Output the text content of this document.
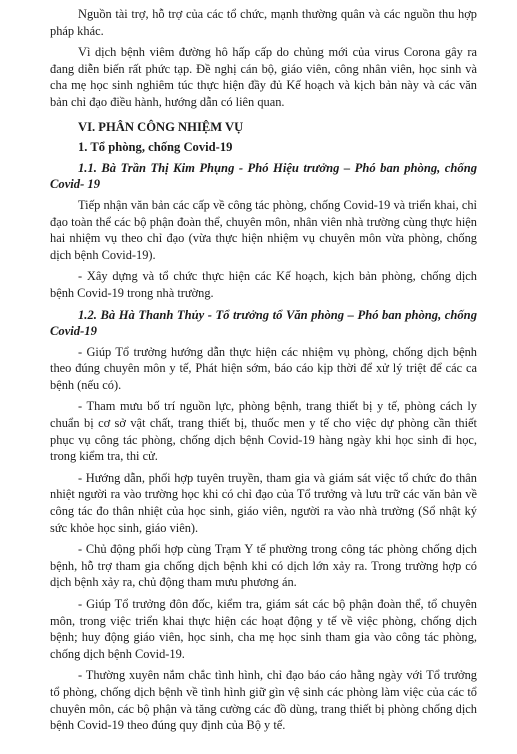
Nguồn tài trợ, hỗ trợ của các tổ chức, mạnh thường quân và các nguồn thu hợp pháp khác.

Vì dịch bệnh viêm đường hô hấp cấp do chủng mới của virus Corona gây ra đang diễn biến rất phức tạp. Đề nghị cán bộ, giáo viên, công nhân viên, học sinh và cha mẹ học sinh nghiêm túc thực hiện đầy đủ Kế hoạch và kịch bản này và các văn bản chỉ đạo điều hành, hướng dẫn có liên quan.

VI. PHÂN CÔNG NHIỆM VỤ
1. Tổ phòng, chống Covid-19
1.1. Bà Trần Thị Kim Phụng - Phó Hiệu trưởng – Phó ban phòng, chống Covid- 19

Tiếp nhận văn bản các cấp về công tác phòng, chống Covid-19 và triển khai, chỉ đạo toàn thể các bộ phận đoàn thể, chuyên môn, nhân viên nhà trường cùng thực hiện hai nhiệm vụ theo chỉ đạo (vừa thực hiện nhiệm vụ chuyên môn vừa phòng, chống dịch bệnh Covid-19).

- Xây dựng và tổ chức thực hiện các Kế hoạch, kịch bản phòng, chống dịch bệnh Covid-19 trong nhà trường.

1.2. Bà Hà Thanh Thủy - Tổ trưởng tổ Văn phòng – Phó ban phòng, chống Covid-19

- Giúp Tổ trưởng hướng dẫn thực hiện các nhiệm vụ phòng, chống dịch bệnh theo đúng chuyên môn y tế, Phát hiện sớm, báo cáo kịp thời để xử lý triệt để các ca bệnh (nếu có).

- Tham mưu bố trí nguồn lực, phòng bệnh, trang thiết bị y tế, phòng cách ly chuẩn bị cơ sở vật chất, trang thiết bị, thuốc men y tế cho việc dự phòng cần thiết phục vụ công tác phòng, chống dịch bệnh Covid-19 hàng ngày khi học sinh đi học, trong kiểm tra, thi cử.

- Hướng dẫn, phối hợp tuyên truyền, tham gia và giám sát việc tổ chức đo thân nhiệt người ra vào trường học khi có chỉ đạo của Tổ trưởng và lưu trữ các văn bản về công tác đo thân nhiệt của học sinh, giáo viên, người ra vào nhà trường (Sổ nhật ký sức khỏe học sinh, giáo viên).

- Chủ động phối hợp cùng Trạm Y tế phường trong công tác phòng chống dịch bệnh, hỗ trợ tham gia chống dịch bệnh khi có dịch lớn xảy ra. Trong trường hợp có dịch bệnh xảy ra, chủ động tham mưu phương án.

- Giúp Tổ trưởng đôn đốc, kiểm tra, giám sát các bộ phận đoàn thể, tổ chuyên môn, trong việc triển khai thực hiện các hoạt động y tế về việc phòng, chống dịch bệnh; huy động giáo viên, học sinh, cha mẹ học sinh tham gia vào công tác phòng, chống dịch bệnh Covid-19.

- Thường xuyên nắm chắc tình hình, chỉ đạo báo cáo hằng ngày với Tổ trưởng tổ phòng, chống dịch bệnh về tình hình giữ gìn vệ sinh các phòng làm việc của các tổ chuyên môn, các bộ phận và tăng cường các đồ dùng, trang thiết bị phòng chống dịch bệnh Covid-19 theo đúng quy định của Bộ y tế.
